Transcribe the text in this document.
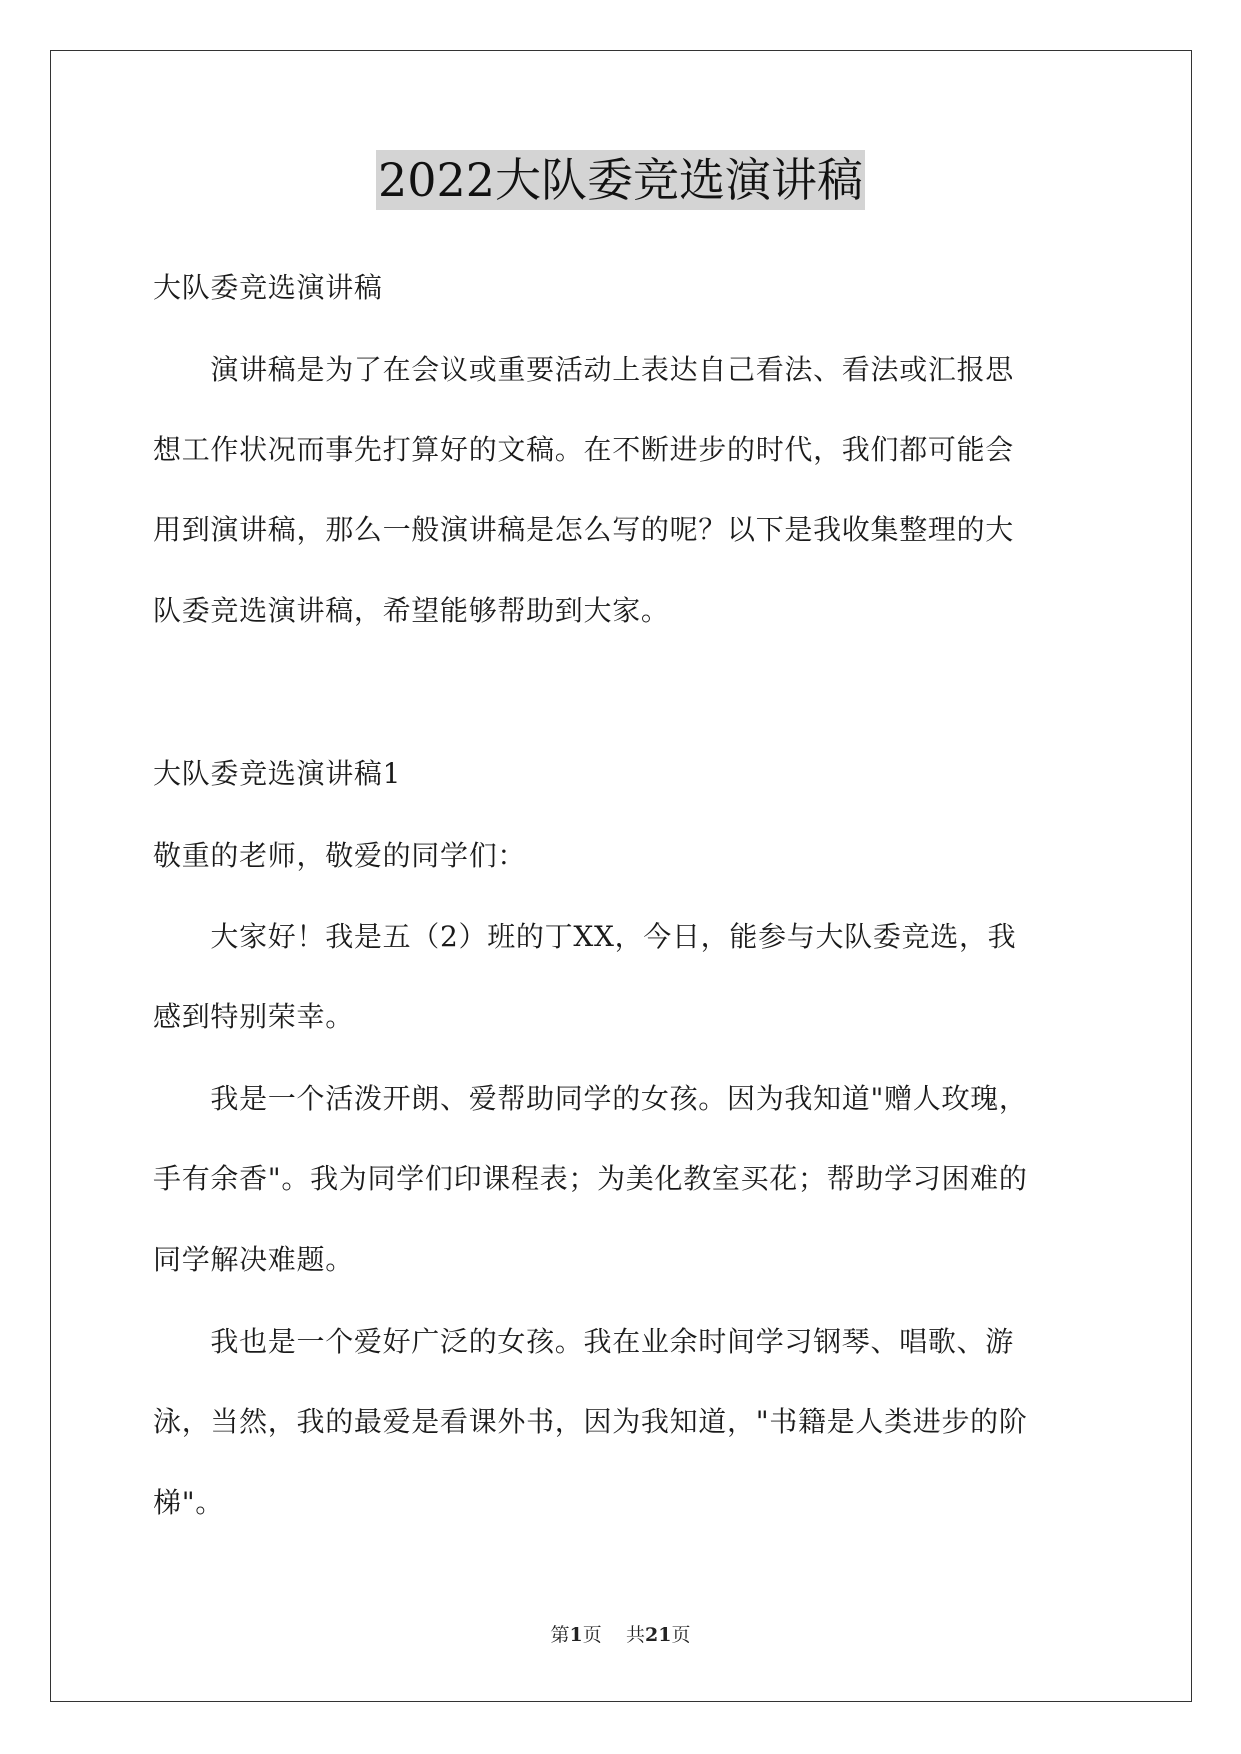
2022大队委竞选演讲稿
大队委竞选演讲稿
　　演讲稿是为了在会议或重要活动上表达自己看法、看法或汇报思
想工作状况而事先打算好的文稿。在不断进步的时代，我们都可能会
用到演讲稿，那么一般演讲稿是怎么写的呢？以下是我收集整理的大
队委竞选演讲稿，希望能够帮助到大家。
大队委竞选演讲稿1
敬重的老师，敬爱的同学们：
　　大家好！我是五（2）班的丁XX，今日，能参与大队委竞选，我
感到特别荣幸。
　　我是一个活泼开朗、爱帮助同学的女孩。因为我知道"赠人玫瑰，
手有余香"。我为同学们印课程表；为美化教室买花；帮助学习困难的
同学解决难题。
　　我也是一个爱好广泛的女孩。我在业余时间学习钢琴、唱歌、游
泳，当然，我的最爱是看课外书，因为我知道，"书籍是人类进步的阶
梯"。
第1页 共21页
